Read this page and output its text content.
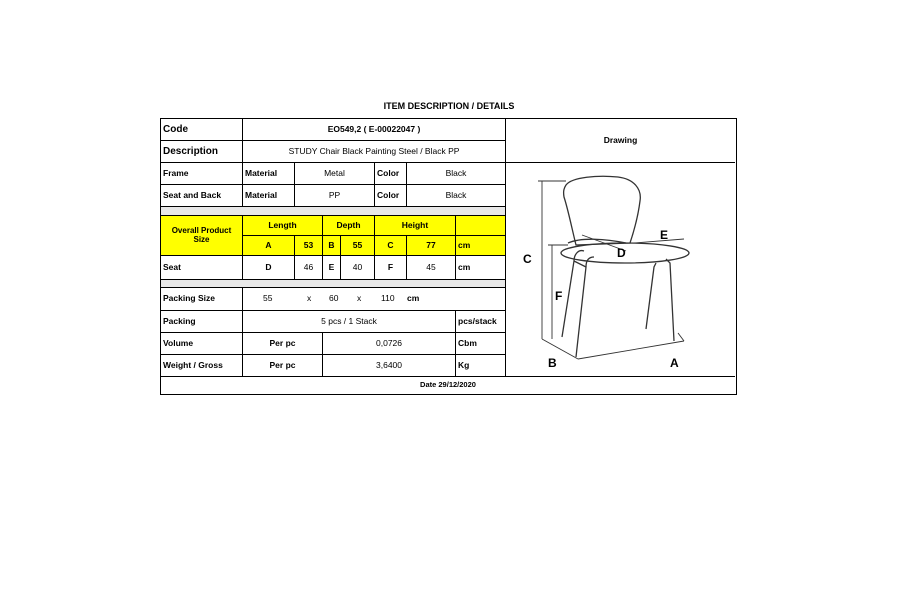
ITEM DESCRIPTION / DETAILS
Code	EO549,2 ( E-00022047 )
Description	STUDY Chair Black Painting Steel / Black PP
Drawing
Frame	Material	Metal	Color	Black
Seat and Back	Material	PP	Color	Black
Overall Product Size
Length	Depth	Height
A	53	B	55	C	77	cm
Seat	D	46	E	40	F	45	cm
Packing Size	55	x 60 x 110 cm
Packing	5 pcs / 1 Stack	pcs/stack
Volume	Per pc	0,0726	Cbm
Weight / Gross	Per pc	3,6400	Kg
C
F
B	A
D
E
Date 29/12/2020
